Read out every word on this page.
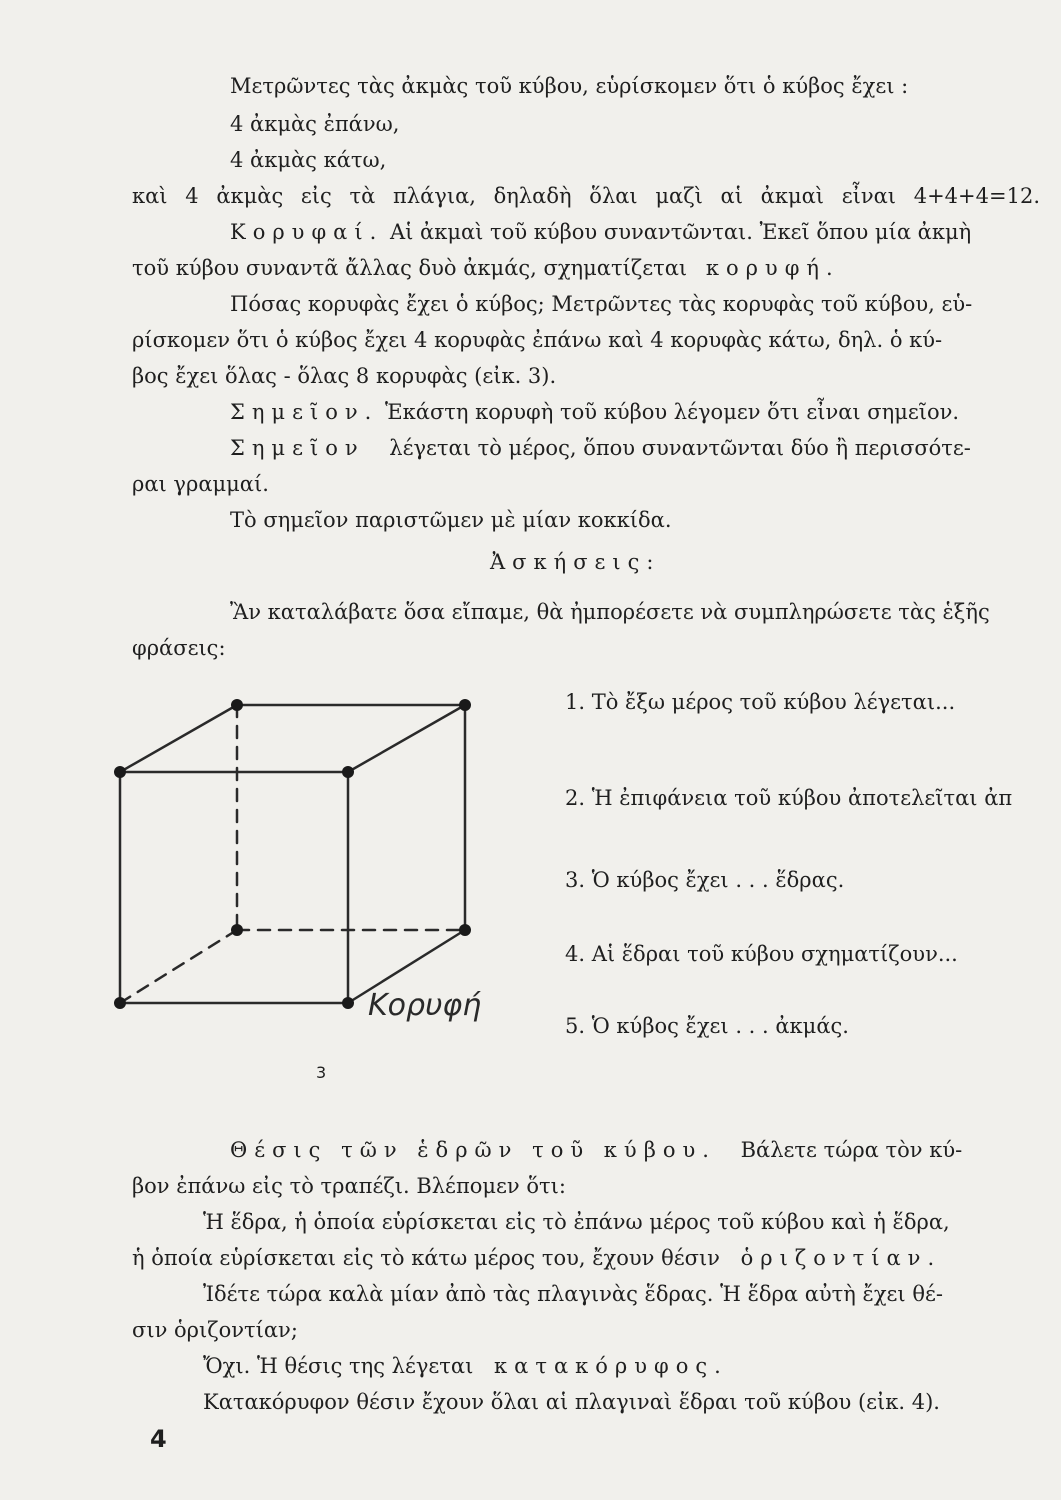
Μετρῶντες τὰς ἀκμὰς τοῦ κύβου, εὑρίσκομεν ὅτι ὁ κύβος ἔχει :

4 ἀκμὰς ἐπάνω,

4 ἀκμὰς κάτω,

καὶ 4 ἀκμὰς εἰς τὰ πλάγια, δηλαδὴ ὅλαι μαζὶ αἱ ἀκμαὶ εἶναι 4+4+4=12.

Κορυφαί. Αἱ ἀκμαὶ τοῦ κύβου συναντῶνται. Ἐκεῖ ὅπου μία ἀκμὴ

τοῦ κύβου συναντᾶ ἄλλας δυὸ ἀκμάς, σχηματίζεται κορυφή.

Πόσας κορυφὰς ἔχει ὁ κύβος; Μετρῶντες τὰς κορυφὰς τοῦ κύβου, εὑ-

ρίσκομεν ὅτι ὁ κύβος ἔχει 4 κορυφὰς ἐπάνω καὶ 4 κορυφὰς κάτω, δηλ. ὁ κύ-

βος ἔχει ὅλας - ὅλας 8 κορυφὰς (εἰκ. 3).

Σημεῖον. Ἑκάστη κορυφὴ τοῦ κύβου λέγομεν ὅτι εἶναι σημεῖον.

Σημεῖον λέγεται τὸ μέρος, ὅπου συναντῶνται δύο ἢ περισσότε-

ραι γραμμαί.

Τὸ σημεῖον παριστῶμεν μὲ μίαν κοκκίδα.

Ἀσκήσεις:

Ἂν καταλάβατε ὅσα εἴπαμε, θὰ ἠμπορέσετε νὰ συμπληρώσετε τὰς ἑξῆς

φράσεις:

1. Τὸ ἔξω μέρος τοῦ κύβου λέγεται...

2. Ἡ ἐπιφάνεια τοῦ κύβου ἀποτελεῖται ἀπ

3. Ὁ κύβος ἔχει . . . ἕδρας.

4. Αἱ ἕδραι τοῦ κύβου σχηματίζουν...

5. Ὁ κύβος ἔχει . . . ἀκμάς.

Κορυφή
3

Θέσις τῶν ἑδρῶν τοῦ κύβου. Βάλετε τώρα τὸν κύ-

βον ἐπάνω εἰς τὸ τραπέζι. Βλέπομεν ὅτι:

Ἡ ἕδρα, ἡ ὁποία εὑρίσκεται εἰς τὸ ἐπάνω μέρος τοῦ κύβου καὶ ἡ ἕδρα,

ἡ ὁποία εὑρίσκεται εἰς τὸ κάτω μέρος του, ἔχουν θέσιν ὁριζοντίαν.

Ἰδέτε τώρα καλὰ μίαν ἀπὸ τὰς πλαγινὰς ἕδρας. Ἡ ἕδρα αὐτὴ ἔχει θέ-

σιν ὁριζοντίαν;

Ὄχι. Ἡ θέσις της λέγεται κατακόρυφος.

Κατακόρυφον θέσιν ἔχουν ὅλαι αἱ πλαγιναὶ ἕδραι τοῦ κύβου (εἰκ. 4).

4
